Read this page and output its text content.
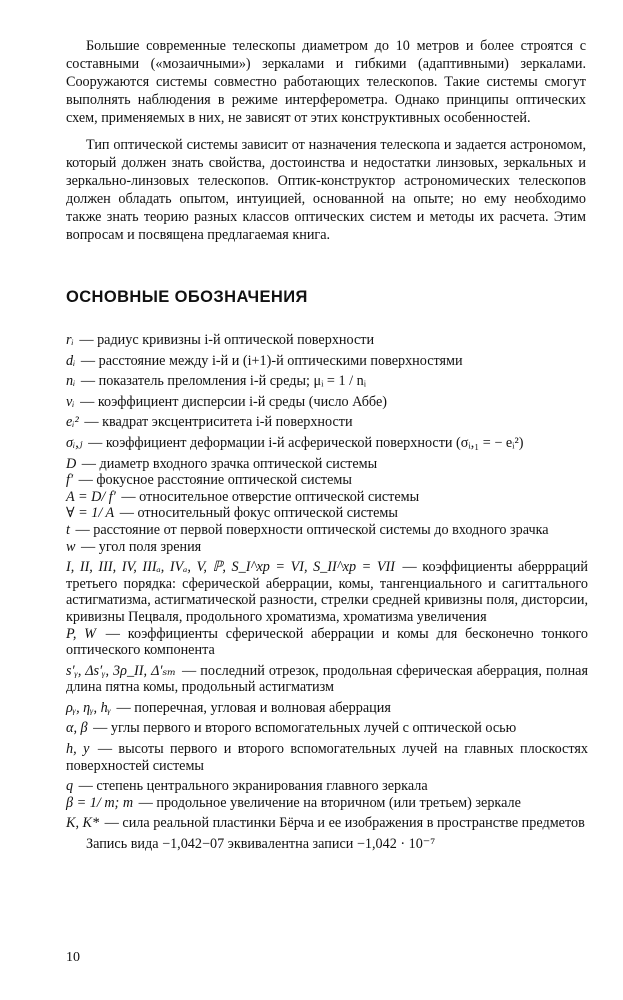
Большие современные телескопы диаметром до 10 метров и более строятся с составными («мозаичными») зеркалами и гибкими (адаптивными) зеркалами. Сооружаются системы совместно работающих телескопов. Такие системы смогут выполнять наблюдения в режиме интерферометра. Однако принципы оптических схем, применяемых в них, не зависят от этих конструктивных особенностей.

Тип оптической системы зависит от назначения телескопа и задается астрономом, который должен знать свойства, достоинства и недостатки линзовых, зеркальных и зеркально-линзовых телескопов. Оптик-конструктор астрономических телескопов должен обладать опытом, интуицией, основанной на опыте; но ему необходимо также знать теорию разных классов оптических систем и методы их расчета. Этим вопросам и посвящена предлагаемая книга.

ОСНОВНЫЕ ОБОЗНАЧЕНИЯ
rᵢ — радиус кривизны i-й оптической поверхности
dᵢ — расстояние между i-й и (i+1)-й оптическими поверхностями
nᵢ — показатель преломления i-й среды; μᵢ = 1 / nᵢ
νᵢ — коэффициент дисперсии i-й среды (число Аббе)
eᵢ² — квадрат эксцентриситета i-й поверхности
σᵢ,ⱼ — коэффициент деформации i-й асферической поверхности (σᵢ,₁ = − eᵢ²)
D — диаметр входного зрачка оптической системы
f′ — фокусное расстояние оптической системы
A = D/ f′ — относительное отверстие оптической системы
∀ = 1/ A — относительный фокус оптической системы
t — расстояние от первой поверхности оптической системы до входного зрачка
w — угол поля зрения
I, II, III, IV, IIIₐ, IVₐ, V, ℙ, S_I^xp = VI, S_II^xp = VII — коэффициенты аберрраций третьего порядка: сферической аберрации, комы, тангенциального и сагиттального астигматизма, астигматической разности, стрелки средней кривизны поля, дисторсии, кривизны Пецваля, продольного хроматизма, хроматизма увеличения
P, W — коэффициенты сферической аберрации и комы для бесконечно тонкого оптического компонента
s′ᵧ, Δs′ᵧ, 3ρ_II, Δ′ₛₘ — последний отрезок, продольная сферическая аберрация, полная длина пятна комы, продольный астигматизм
ρᵧ, ηᵧ, hᵧ — поперечная, угловая и волновая аберрация
α, β — углы первого и второго вспомогательных лучей с оптической осью
h, y — высоты первого и второго вспомогательных лучей на главных плоскостях поверхностей системы
q — степень центрального экранирования главного зеркала
β = 1/ m; m — продольное увеличение на вторичном (или третьем) зеркале
K, K* — сила реальной пластинки Бёрча и ее изображения в пространстве предметов
Запись вида −1,042−07 эквивалентна записи −1,042 · 10⁻⁷

10
